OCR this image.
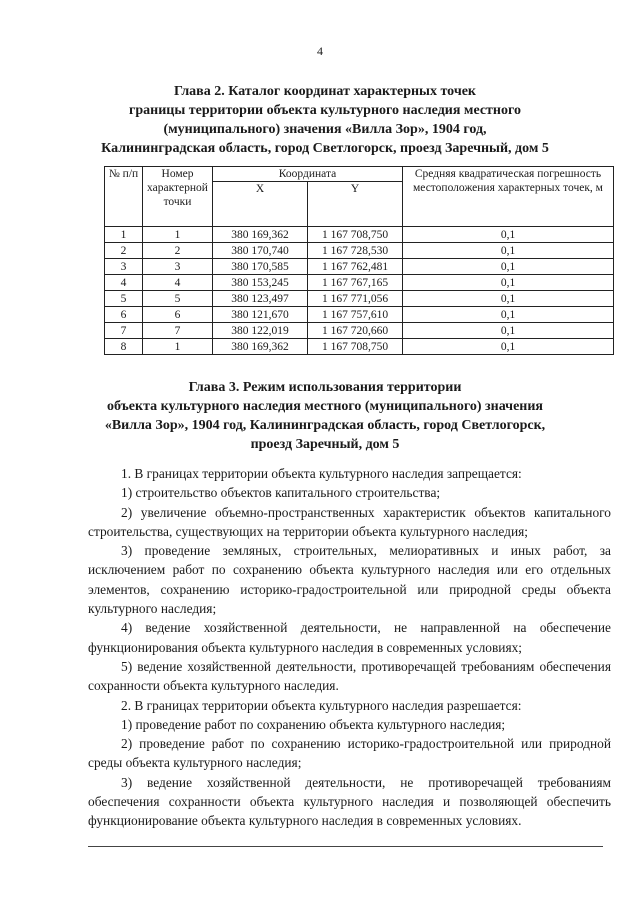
4
Глава 2. Каталог координат характерных точек
границы территории объекта культурного наследия местного
(муниципального) значения «Вилла Зор», 1904 год,
Калининградская область, город Светлогорск, проезд Заречный, дом 5
№ п/п	Номер характерной точки	Координата		Средняя квадратическая погрешность местоположения характерных точек, м
		X	Y	
1	1	380 169,362	1 167 708,750	0,1
2	2	380 170,740	1 167 728,530	0,1
3	3	380 170,585	1 167 762,481	0,1
4	4	380 153,245	1 167 767,165	0,1
5	5	380 123,497	1 167 771,056	0,1
6	6	380 121,670	1 167 757,610	0,1
7	7	380 122,019	1 167 720,660	0,1
8	1	380 169,362	1 167 708,750	0,1
Глава 3. Режим использования территории
объекта культурного наследия местного (муниципального) значения
«Вилла Зор», 1904 год, Калининградская область, город Светлогорск,
проезд Заречный, дом 5

1. В границах территории объекта культурного наследия запрещается:

1) строительство объектов капитального строительства;

2) увеличение объемно-пространственных характеристик объектов капитального строительства, существующих на территории объекта культурного наследия;

3) проведение земляных, строительных, мелиоративных и иных работ, за исключением работ по сохранению объекта культурного наследия или его отдельных элементов, сохранению историко-градостроительной или природной среды объекта культурного наследия;

4) ведение хозяйственной деятельности, не направленной на обеспечение функционирования объекта культурного наследия в современных условиях;

5) ведение хозяйственной деятельности, противоречащей требованиям обеспечения сохранности объекта культурного наследия.

2. В границах территории объекта культурного наследия разрешается:

1) проведение работ по сохранению объекта культурного наследия;

2) проведение работ по сохранению историко-градостроительной или природной среды объекта культурного наследия;

3) ведение хозяйственной деятельности, не противоречащей требованиям обеспечения сохранности объекта культурного наследия и позволяющей обеспечить функционирование объекта культурного наследия в современных условиях.
